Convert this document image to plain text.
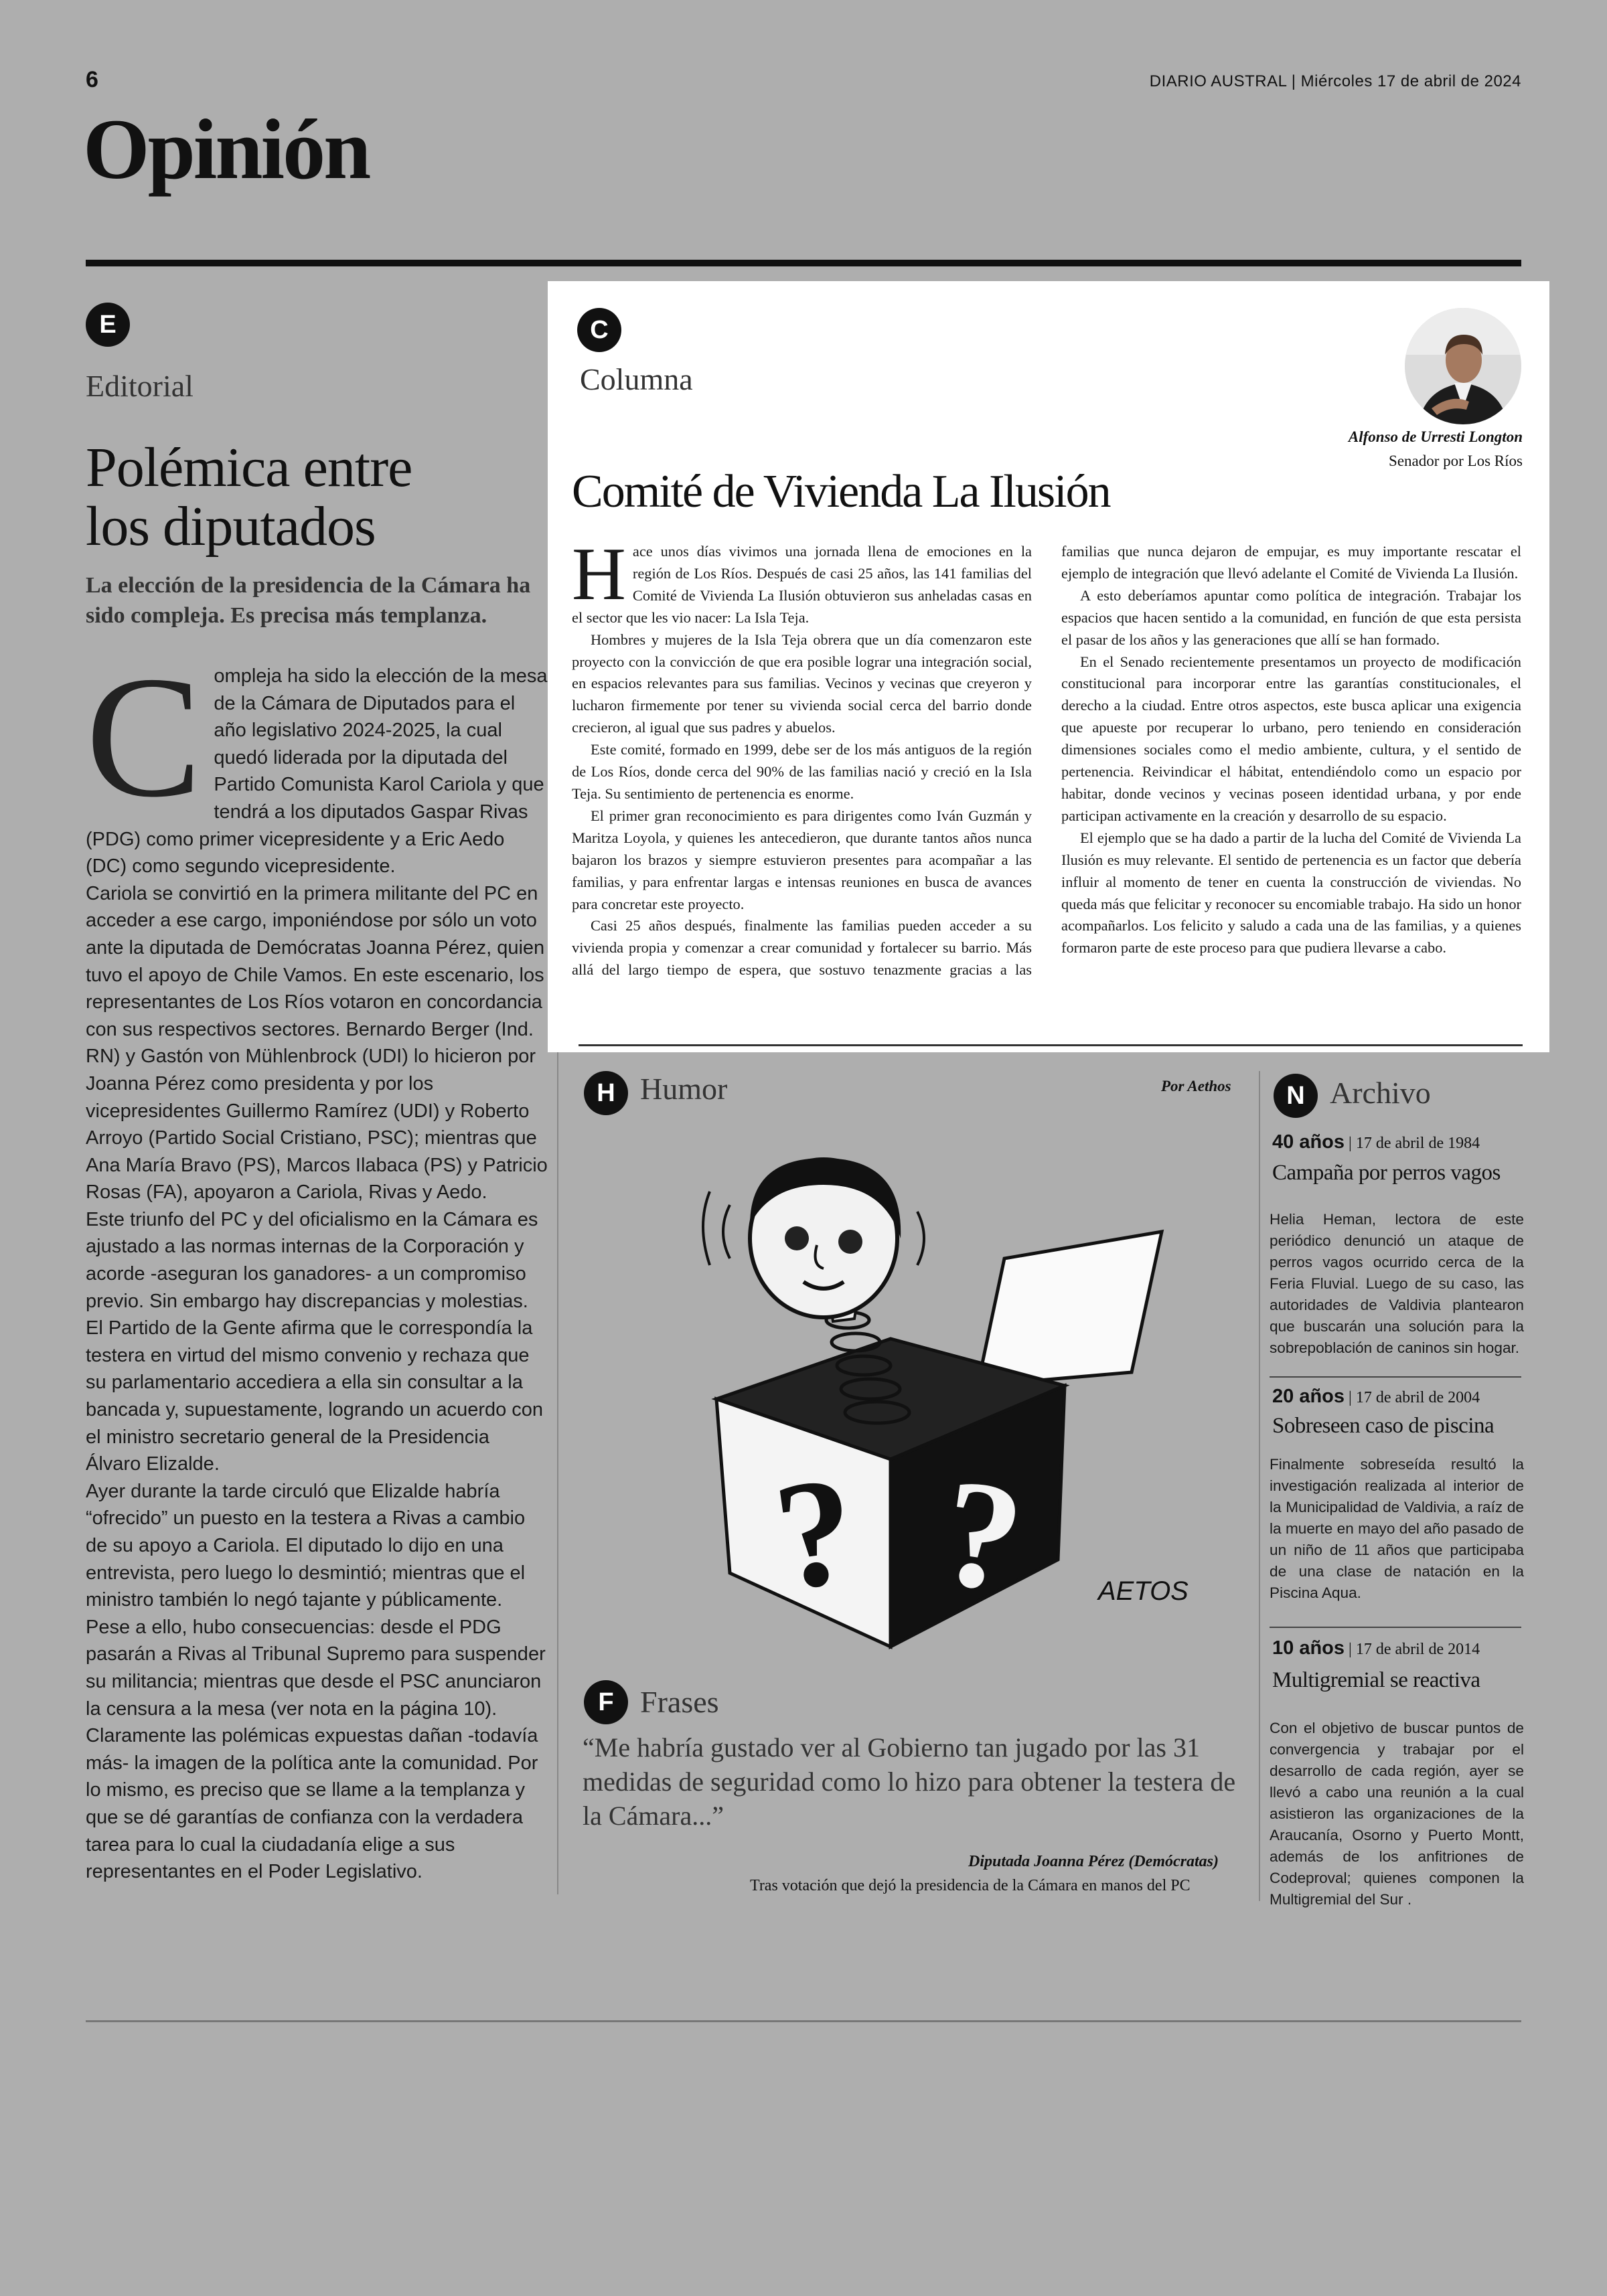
6	DIARIO AUSTRAL | Miércoles 17 de abril de 2024
Opinión
E
Editorial
Polémica entre
los diputados
La elección de la presidencia de la Cámara ha sido compleja. Es precisa más templanza.

Compleja ha sido la elección de la mesa de la Cámara de Diputados para el año legislativo 2024-2025, la cual quedó liderada por la diputada del Partido Comunista Karol Cariola y que tendrá a los diputados Gaspar Rivas (PDG) como primer vicepresidente y a Eric Aedo (DC) como segundo vicepresidente.

Cariola se convirtió en la primera militante del PC en acceder a ese cargo, imponiéndose por sólo un voto ante la diputada de Demócratas Joanna Pérez, quien tuvo el apoyo de Chile Vamos. En este escenario, los representantes de Los Ríos votaron en concordancia con sus respectivos sectores. Bernardo Berger (Ind. RN) y Gastón von Mühlenbrock (UDI) lo hicieron por Joanna Pérez como presidenta y por los vicepresidentes Guillermo Ramírez (UDI) y Roberto Arroyo (Partido Social Cristiano, PSC); mientras que Ana María Bravo (PS), Marcos Ilabaca (PS) y Patricio Rosas (FA), apoyaron a Cariola, Rivas y Aedo.

Este triunfo del PC y del oficialismo en la Cámara es ajustado a las normas internas de la Corporación y acorde -aseguran los ganadores- a un compromiso previo. Sin embargo hay discrepancias y molestias. El Partido de la Gente afirma que le correspondía la testera en virtud del mismo convenio y rechaza que su parlamentario accediera a ella sin consultar a la bancada y, supuestamente, logrando un acuerdo con el ministro secretario general de la Presidencia Álvaro Elizalde.

Ayer durante la tarde circuló que Elizalde habría “ofrecido” un puesto en la testera a Rivas a cambio de su apoyo a Cariola. El diputado lo dijo en una entrevista, pero luego lo desmintió; mientras que el ministro también lo negó tajante y públicamente. Pese a ello, hubo consecuencias: desde el PDG pasarán a Rivas al Tribunal Supremo para suspender su militancia; mientras que desde el PSC anunciaron la censura a la mesa (ver nota en la página 10).

Claramente las polémicas expuestas dañan -todavía más- la imagen de la política ante la comunidad. Por lo mismo, es preciso que se llame a la templanza y que se dé garantías de confianza con la verdadera tarea para lo cual la ciudadanía elige a sus representantes en el Poder Legislativo.

C
Columna
Alfonso de Urresti Longton
Senador por Los Ríos
Comité de Vivienda La Ilusión

Hace unos días vivimos una jornada llena de emociones en la región de Los Ríos. Después de casi 25 años, las 141 familias del Comité de Vivienda La Ilusión obtuvieron sus anheladas casas en el sector que les vio nacer: La Isla Teja.

Hombres y mujeres de la Isla Teja obrera que un día comenzaron este proyecto con la convicción de que era posible lograr una integración social, en espacios relevantes para sus familias. Vecinos y vecinas que creyeron y lucharon firmemente por tener su vivienda social cerca del barrio donde crecieron, al igual que sus padres y abuelos.

Este comité, formado en 1999, debe ser de los más antiguos de la región de Los Ríos, donde cerca del 90% de las familias nació y creció en la Isla Teja. Su sentimiento de pertenencia es enorme.

El primer gran reconocimiento es para dirigentes como Iván Guzmán y Maritza Loyola, y quienes les antecedieron, que durante tantos años nunca bajaron los brazos y siempre estuvieron presentes para acompañar a las familias, y para enfrentar largas e intensas reuniones en busca de avances para concretar este proyecto.

Casi 25 años después, finalmente las familias pueden acceder a su vivienda propia y comenzar a crear comunidad y fortalecer su barrio. Más allá del largo tiempo de espera, que sostuvo tenazmente gracias a las familias que nunca dejaron de empujar, es muy importante rescatar el ejemplo de integración que llevó adelante el Comité de Vivienda La Ilusión.

A esto deberíamos apuntar como política de integración. Trabajar los espacios que hacen sentido a la comunidad, en función de que esta persista el pasar de los años y las generaciones que allí se han formado.

En el Senado recientemente presentamos un proyecto de modificación constitucional para incorporar entre las garantías constitucionales, el derecho a la ciudad. Entre otros aspectos, este busca aplicar una exigencia que apueste por recuperar lo urbano, pero teniendo en consideración dimensiones sociales como el medio ambiente, cultura, y el sentido de pertenencia. Reivindicar el hábitat, entendiéndolo como un espacio por habitar, donde vecinos y vecinas poseen identidad urbana, y por ende participan activamente en la creación y desarrollo de su espacio.

El ejemplo que se ha dado a partir de la lucha del Comité de Vivienda La Ilusión es muy relevante. El sentido de pertenencia es un factor que debería influir al momento de tener en cuenta la construcción de viviendas. No queda más que felicitar y reconocer su encomiable trabajo. Ha sido un honor acompañarlos. Los felicito y saludo a cada una de las familias, y a quienes formaron parte de este proceso para que pudiera llevarse a cabo.

H Humor	Por Aethos
? ? AETOS
F Frases
“Me habría gustado ver al Gobierno tan jugado por las 31 medidas de seguridad como lo hizo para obtener la testera de la Cámara...”
Diputada Joanna Pérez (Demócratas)
Tras votación que dejó la presidencia de la Cámara en manos del PC
N Archivo
40 años | 17 de abril de 1984
Campaña por perros vagos
Helia Heman, lectora de este periódico denunció un ataque de perros vagos ocurrido cerca de la Feria Fluvial. Luego de su caso, las autoridades de Valdivia plantearon que buscarán una solución para la sobrepoblación de caninos sin hogar.
20 años | 17 de abril de 2004
Sobreseen caso de piscina
Finalmente sobreseída resultó la investigación realizada al interior de la Municipalidad de Valdivia, a raíz de la muerte en mayo del año pasado de un niño de 11 años que participaba de una clase de natación en la Piscina Aqua.
10 años | 17 de abril de 2014
Multigremial se reactiva
Con el objetivo de buscar puntos de convergencia y trabajar por el desarrollo de cada región, ayer se llevó a cabo una reunión a la cual asistieron las organizaciones de la Araucanía, Osorno y Puerto Montt, además de los anfitriones de Codeproval; quienes componen la Multigremial del Sur .
